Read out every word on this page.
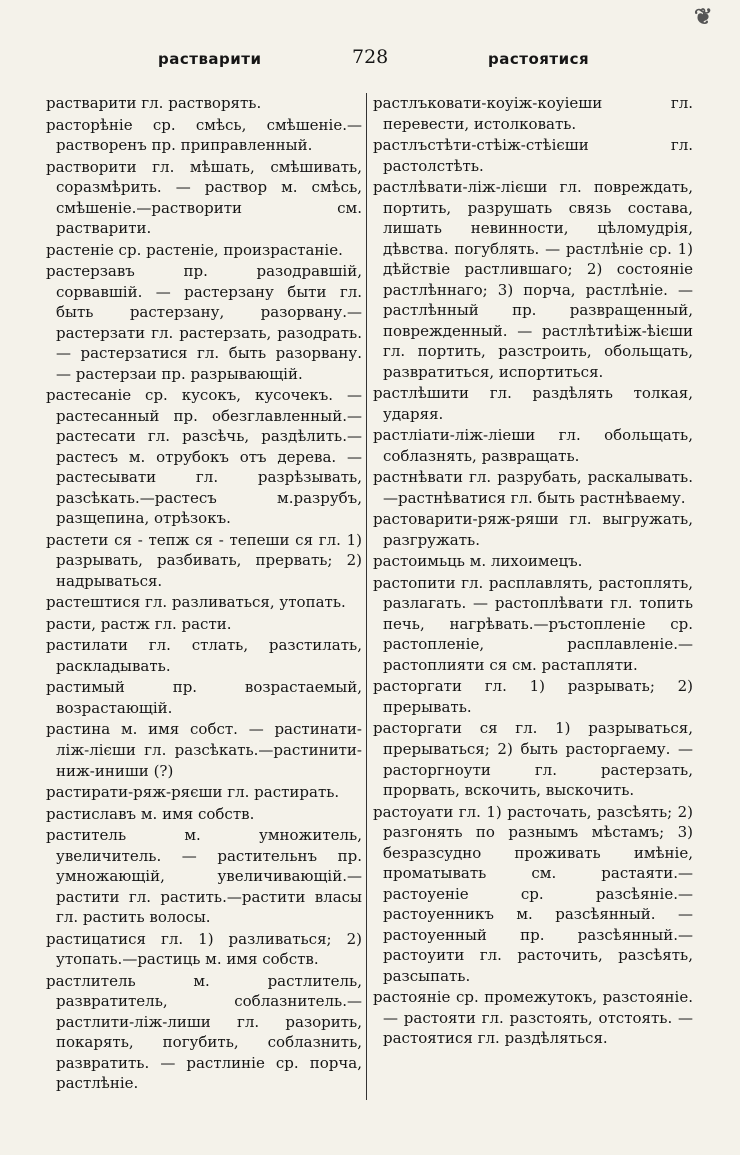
❦
растварити	728	растоятися

растварити гл. растворять.

расторѣніе ср. смѣсь, смѣшеніе.— растворенъ пр. приправленный.

растворити гл. мѣшать, смѣшивать, соразмѣрить. — раствор м. смѣсь, смѣшеніе.—растворити см. растварити.

растеніе ср. растеніе, произрастаніе.

растерзавъ пр. разодравшій, сорвавшій. — растерзану быти гл. быть растерзану, разорвану.—растерзати гл. растерзать, разодрать. — растерзатися гл. быть разорвану. — растерзаи пр. разрывающій.

растесаніе ср. кусокъ, кусочекъ. — растесанный пр. обезглавленный.— растесати гл. разсѣчь, раздѣлить.— растесъ м. отрубокъ отъ дерева. — растесывати гл. разрѣзывать, разсѣкать.—растесъ м.разрубъ, разщепина, отрѣзокъ.

растети ся - тепж ся - тепеши ся гл. 1) разрывать, разбивать, прервать; 2) надрываться.

растештися гл. разливаться, утопать.

расти, растж гл. расти.

растилати гл. стлать, разстилать, раскладывать.

растимый пр. возрастаемый, возрастающій.

растина м. имя собст. — растинати-ліж-лієши гл. разсѣкать.—растинити-ниж-иниши (?)

растирати-ряж-ряєши гл. растирать.

растиславъ м. имя собств.

раститель м. умножитель, увеличитель. — растительнъ пр. умножающій, увеличивающій.—растити гл. растить.—растити власы гл. растить волосы.

растицатися гл. 1) разливаться; 2) утопать.—растиць м. имя собств.

растлитель м. растлитель, развратитель, соблазнитель.—растлити-ліж-лиши гл. разорить, покарять, погубить, соблазнить, развратить. — растлиніе ср. порча, растлѣніе.

растлъковати-коуіж-коуіеши гл. перевести, истолковать.

растлъстѣти-стѣіж-стѣієши гл. растолстѣть.

растлѣвати-ліж-лієши гл. повреждать, портить, разрушать связь состава, лишать невинности, цѣломудрія, дѣвства. погублять. — растлѣніе ср. 1) дѣйствіе растлившаго; 2) состояніе растлѣннаго; 3) порча, растлѣніе. — растлѣнный пр. развращенный, поврежденный. — растлѣтиѣіж-ѣієши гл. портить, разстроить, обольщать, развратиться, испортиться.

растлѣшити гл. раздѣлять толкая, ударяя.

растліати-ліж-ліеши гл. обольщать, соблазнять, развращать.

растнѣвати гл. разрубать, раскалывать.—растнѣватися гл. быть растнѣваему.

растоварити-ряж-ряши гл. выгружать, разгружать.

растоимьць м. лихоимецъ.

растопити гл. расплавлять, растоплять, разлагать. — растоплѣвати гл. топить печь, нагрѣвать.—ръстопленіе ср. растопленіе, расплавленіе.—растоплияти ся см. растапляти.

расторгати гл. 1) разрывать; 2) прерывать.

расторгати ся гл. 1) разрываться, прерываться; 2) быть расторгаему. — расторгноути гл. растерзать, прорвать, вскочить, выскочить.

растоуати гл. 1) расточать, разсѣять; 2) разгонять по разнымъ мѣстамъ; 3) безразсудно проживать имѣніе, проматывать см. растаяти.—растоуеніе ср. разсѣяніе.—растоуенникъ м. разсѣянный. — растоуенный пр. разсѣянный.—растоуити гл. расточить, разсѣять, разсыпать.

растояніе ср. промежутокъ, разстояніе. — растояти гл. разстоять, отстоять. — растоятися гл. раздѣляться.
